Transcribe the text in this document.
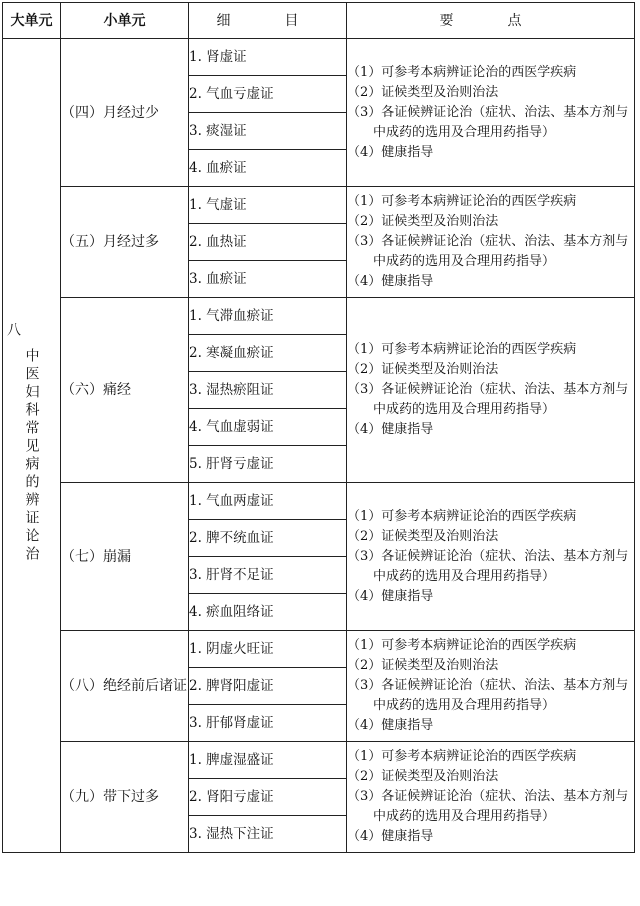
大单元	小单元	细　目	要　点

八
中医妇科常见病的辨证论治	（四）月经过少	1. 肾虚证	（1）可参考本病辨证论治的西医学疾病
（2）证候类型及治则治法
（3）各证候辨证论治（症状、治法、基本方剂与中成药的选用及合理用药指导）
（4）健康指导

		2. 气血亏虚证	
		3. 痰湿证	
		4. 血瘀证	
	（五）月经过多	1. 气虚证	（1）可参考本病辨证论治的西医学疾病
（2）证候类型及治则治法
（3）各证候辨证论治（症状、治法、基本方剂与中成药的选用及合理用药指导）
（4）健康指导

		2. 血热证	
		3. 血瘀证	
	（六）痛经	1. 气滞血瘀证	（1）可参考本病辨证论治的西医学疾病
（2）证候类型及治则治法
（3）各证候辨证论治（症状、治法、基本方剂与中成药的选用及合理用药指导）
（4）健康指导

		2. 寒凝血瘀证	
		3. 湿热瘀阻证	
		4. 气血虚弱证	
		5. 肝肾亏虚证	
	（七）崩漏	1. 气血两虚证	（1）可参考本病辨证论治的西医学疾病
（2）证候类型及治则治法
（3）各证候辨证论治（症状、治法、基本方剂与中成药的选用及合理用药指导）
（4）健康指导

		2. 脾不统血证	
		3. 肝肾不足证	
		4. 瘀血阻络证	
	（八）绝经前后诸证	1. 阴虚火旺证	（1）可参考本病辨证论治的西医学疾病
（2）证候类型及治则治法
（3）各证候辨证论治（症状、治法、基本方剂与中成药的选用及合理用药指导）
（4）健康指导

		2. 脾肾阳虚证	
		3. 肝郁肾虚证	
	（九）带下过多	1. 脾虚湿盛证	（1）可参考本病辨证论治的西医学疾病
（2）证候类型及治则治法
（3）各证候辨证论治（症状、治法、基本方剂与中成药的选用及合理用药指导）
（4）健康指导

		2. 肾阳亏虚证	
		3. 湿热下注证	
